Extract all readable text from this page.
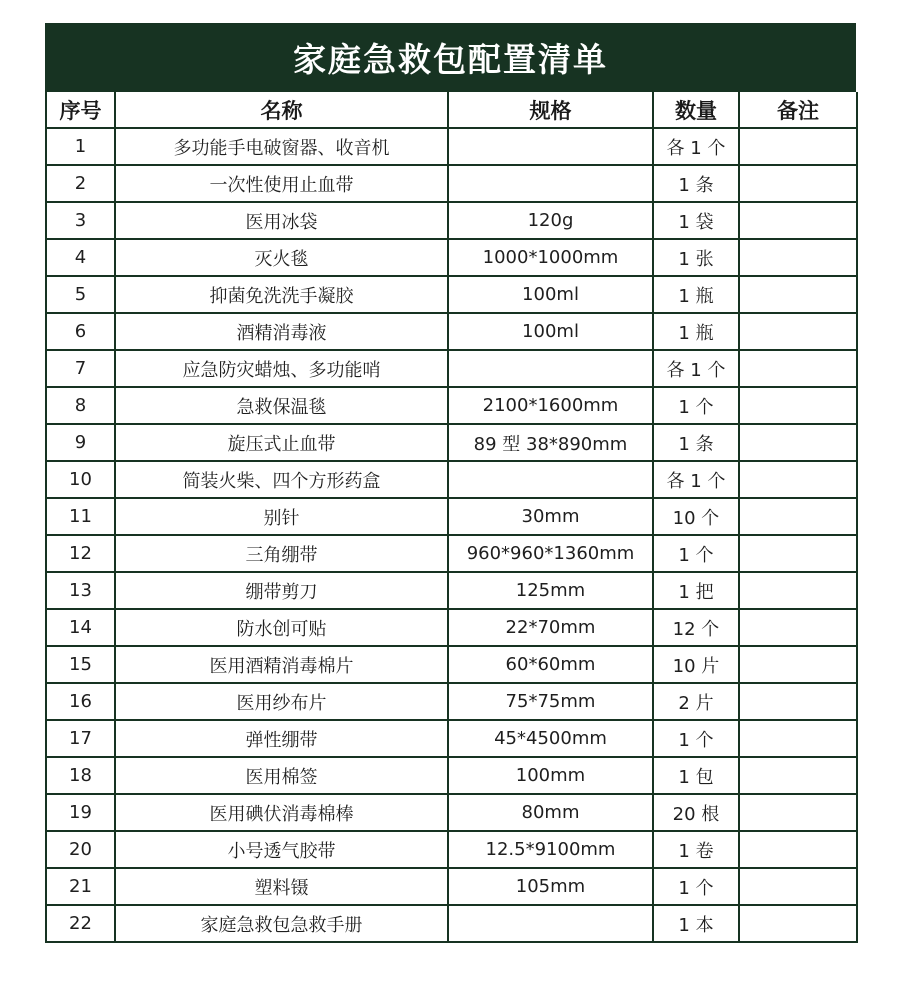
家庭急救包配置清单
序号	名称	规格	数量	备注
1	多功能手电破窗器、收音机		各 1 个	
2	一次性使用止血带		1 条	
3	医用冰袋	120g	1 袋	
4	灭火毯	1000*1000mm	1 张	
5	抑菌免洗洗手凝胶	100ml	1 瓶	
6	酒精消毒液	100ml	1 瓶	
7	应急防灾蜡烛、多功能哨		各 1 个	
8	急救保温毯	2100*1600mm	1 个	
9	旋压式止血带	89 型 38*890mm	1 条	
10	简装火柴、四个方形药盒		各 1 个	
11	别针	30mm	10 个	
12	三角绷带	960*960*1360mm	1 个	
13	绷带剪刀	125mm	1 把	
14	防水创可贴	22*70mm	12 个	
15	医用酒精消毒棉片	60*60mm	10 片	
16	医用纱布片	75*75mm	2 片	
17	弹性绷带	45*4500mm	1 个	
18	医用棉签	100mm	1 包	
19	医用碘伏消毒棉棒	80mm	20 根	
20	小号透气胶带	12.5*9100mm	1 卷	
21	塑料镊	105mm	1 个	
22	家庭急救包急救手册		1 本	
